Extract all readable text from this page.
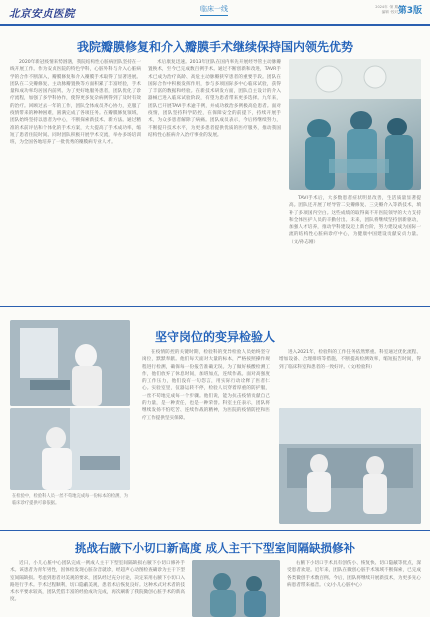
北京安贞医院	临床一线	2024年 ·第 期
编辑 ·校对 第3版
我院瓣膜修复和介入瓣膜手术继续保持国内领先优势

2020年新冠疫情来势汹汹，我院结构性心脏病团队坚持在一线开展工作。作为安贞医院的特色学科，心脏外科与介入心脏病学的合作不断深入，瓣膜修复和介入瓣膜手术取得了显著进展。团队在二尖瓣修复、主动脉瓣置换等方面积累了丰富经验，手术量和成功率均居国内前列。为了更好地服务患者，团队优化了诊疗流程，加强了多学科协作，使得更多复杂病例得到了及时有效的治疗。回顾过去一年的工作，团队全体成员齐心协力，克服了疫情带来的种种困难，圆满完成了各项任务。在瓣膜修复领域，团队始终坚持以患者为中心，不断探索新技术、新方法。通过精准的术前评估和个体化的手术方案，大大提高了手术成功率，缩短了患者住院时间。同时团队积极开展学术交流，举办多场培训班，为全国各地培养了一批优秀的瓣膜病专业人才。

术后康复迅速。2013年团队在国内率先开展经导管主动脉瓣置换术，至今已完成数百例手术。通过不断创新和改进，TAVR手术已成为治疗高龄、高危主动脉瓣狭窄患者的重要手段。团队在国际合作中积极发挥作用，参与多项国际多中心临床试验，获得了丰富的数据和经验。在新技术研发方面，团队自主设计的介入器械已进入临床试验阶段，有望为患者带来更多选择。九年来，团队已开展TAVI手术逾千例，并成功救治多例极高危患者。面对疫情，团队坚持科学防控，在保障安全的前提下，持续开展手术，为众多患者解除了病痛。团队成员表示，今后将继续努力，不断提升技术水平，为更多患者提供优质的医疗服务，推动我国结构性心脏病介入治疗事业的发展。

TAVI手术后，大多数患者症状明显改善，生活质量显著提高。团队还开展了经导管二尖瓣修复、三尖瓣介入等新技术，填补了多项国内空白。这些成绩的取得离不开医院领导的大力支持和全体医护人员的辛勤付出。未来，团队将继续坚持创新驱动，加强人才培养，推动学科建设迈上新台阶，努力建设成为国际一流的结构性心脏病诊疗中心，为健康中国建设贡献安贞力量。（文/孙志刚）

坚守岗位的变异检验人
在检验中，检验科人员一丝不苟地完成每一份标本的检测，为临床诊疗提供可靠依据。

在疫情防控的关键时期，检验科的变异检验人员始终坚守岗位，默默奉献。他们每天面对大量的标本，严格按照操作规程进行检测，确保每一份报告准确无误。为了做好核酸检测工作，他们放弃了休息时间，加班加点，连续作战。面对高强度的工作压力，他们没有一句怨言，用实际行动诠释了医者仁心。实验室里，仪器运转不停，检验人员穿着厚重的防护服，一丝不苟地完成每一个步骤。他们说，能为抗击疫情贡献自己的力量，是一种责任，也是一种荣誉。科室主任表示，团队将继续发扬不怕吃苦、连续作战的精神，为医院的疫情防控和医疗工作提供坚实保障。

进入2021年，检验科的工作任务依然繁重。科室通过优化流程、增加设备、合理排班等措施，不断提高检测效率，缩短报告时间，得到了临床科室和患者的一致好评。（文/检验科）

挑战右腋下小切口新高度 成人主干下型室间隔缺损修补

近日，小儿心脏中心团队完成一例成人主干下型室间隔缺损右腋下小切口修补手术。该患者为青年男性，因体检发现心脏杂音就诊，经超声心动图检查确诊为主干下型室间隔缺损。考虑到患者对美观的要求，团队经过充分讨论，决定采用右腋下小切口入路进行手术。手术过程顺利，切口隐蔽美观，患者术后恢复良好。这种术式对术者的技术水平要求较高，团队凭借丰富的经验成功完成，再次刷新了我院微创心脏手术的新高度。

右腋下小切口手术具有创伤小、恢复快、切口隐蔽等优点，深受患者欢迎。近年来，团队在微创心脏手术领域不断探索，已完成各类微创手术数百例。今后，团队将继续开展新技术，为更多先心病患者带来福音。（文/小儿心脏中心）
